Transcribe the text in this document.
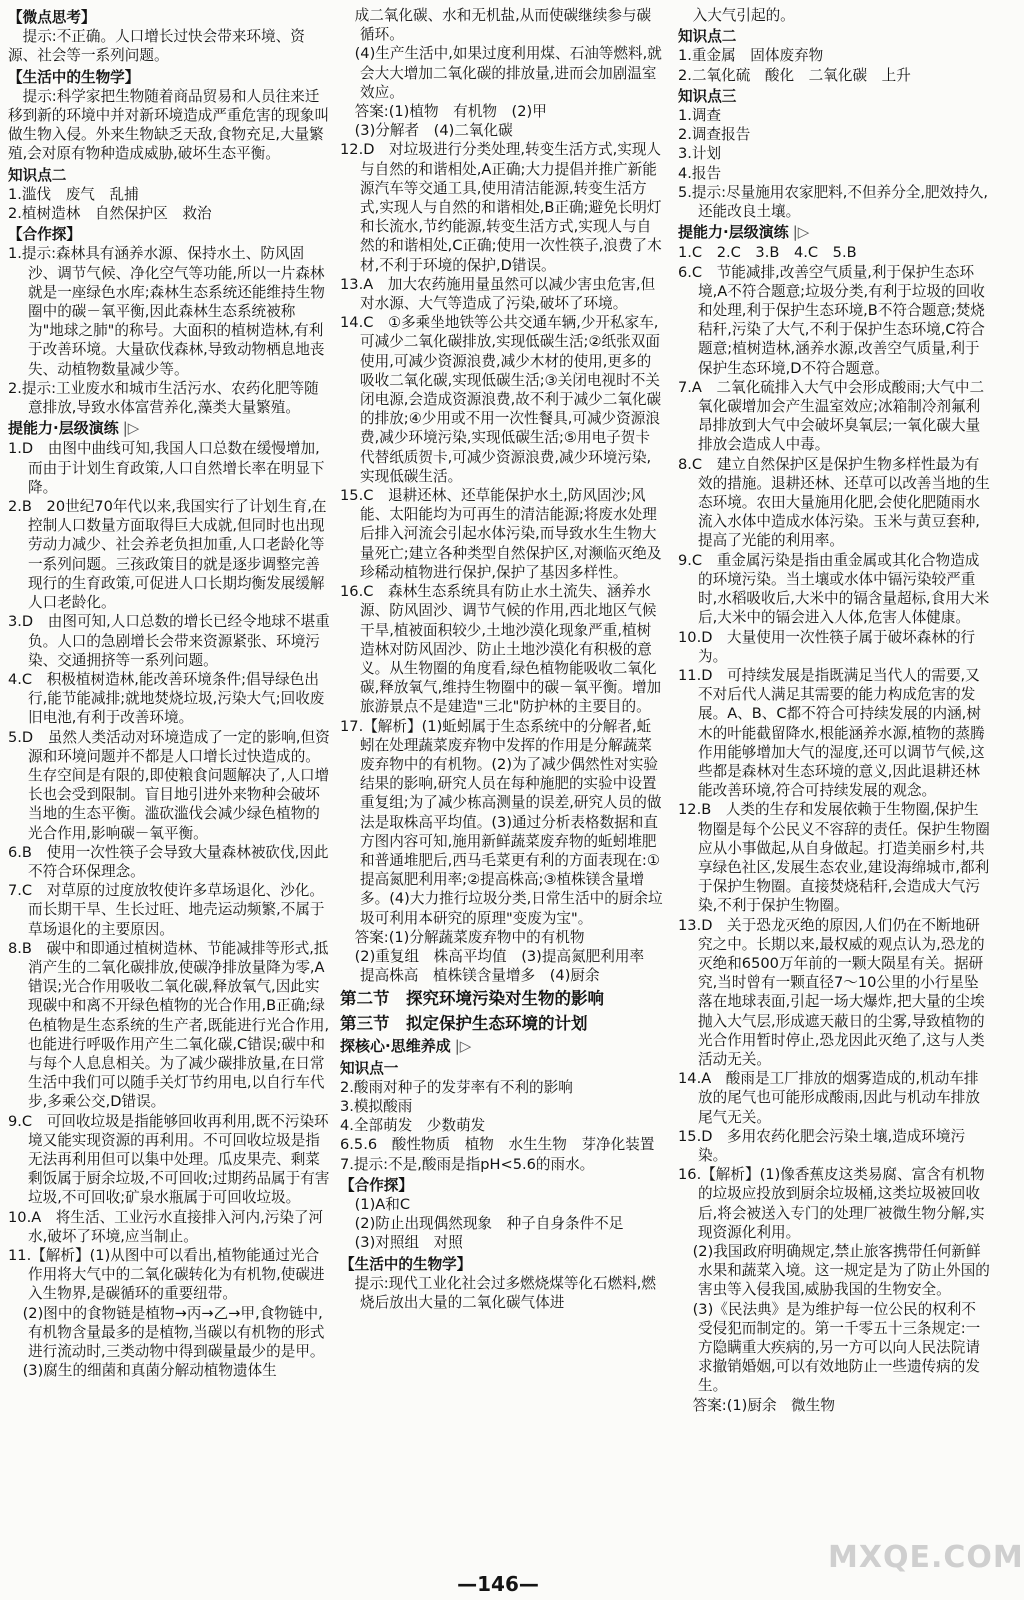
【微点思考】
　提示:不正确。人口增长过快会带来环境、资源、社会等一系列问题。
【生活中的生物学】
　提示:科学家把生物随着商品贸易和人员往来迁移到新的环境中并对新环境造成严重危害的现象叫做生物入侵。外来生物缺乏天敌,食物充足,大量繁殖,会对原有物种造成威胁,破坏生态平衡。
知识点二
1.滥伐　废气　乱捕
2.植树造林　自然保护区　救治
【合作探】
1.提示:森林具有涵养水源、保持水土、防风固沙、调节气候、净化空气等功能,所以一片森林就是一座绿色水库;森林生态系统还能维持生物圈中的碳－氧平衡,因此森林生态系统被称为"地球之肺"的称号。大面积的植树造林,有利于改善环境。大量砍伐森林,导致动物栖息地丧失、动植物数量减少等。
2.提示:工业废水和城市生活污水、农药化肥等随意排放,导致水体富营养化,藻类大量繁殖。
提能力·层级演练 |▷
1.D　由图中曲线可知,我国人口总数在缓慢增加,而由于计划生育政策,人口自然增长率在明显下降。
2.B　20世纪70年代以来,我国实行了计划生育,在控制人口数量方面取得巨大成就,但同时也出现劳动力减少、社会养老负担加重,人口老龄化等一系列问题。三孩政策目的就是逐步调整完善现行的生育政策,可促进人口长期均衡发展缓解人口老龄化。
3.D　由图可知,人口总数的增长已经令地球不堪重负。人口的急剧增长会带来资源紧张、环境污染、交通拥挤等一系列问题。
4.C　积极植树造林,能改善环境条件;倡导绿色出行,能节能减排;就地焚烧垃圾,污染大气;回收废旧电池,有利于改善环境。
5.D　虽然人类活动对环境造成了一定的影响,但资源和环境问题并不都是人口增长过快造成的。生存空间是有限的,即使粮食问题解决了,人口增长也会受到限制。盲目地引进外来物种会破坏当地的生态平衡。滥砍滥伐会减少绿色植物的光合作用,影响碳－氧平衡。
6.B　使用一次性筷子会导致大量森林被砍伐,因此不符合环保理念。
7.C　对草原的过度放牧使许多草场退化、沙化。而长期干旱、生长过旺、地壳运动频繁,不属于草场退化的主要原因。
8.B　碳中和即通过植树造林、节能减排等形式,抵消产生的二氧化碳排放,使碳净排放量降为零,A错误;光合作用吸收二氧化碳,释放氧气,因此实现碳中和离不开绿色植物的光合作用,B正确;绿色植物是生态系统的生产者,既能进行光合作用,也能进行呼吸作用产生二氧化碳,C错误;碳中和与每个人息息相关。为了减少碳排放量,在日常生活中我们可以随手关灯节约用电,以自行车代步,多乘公交,D错误。
9.C　可回收垃圾是指能够回收再利用,既不污染环境又能实现资源的再利用。不可回收垃圾是指无法再利用但可以集中处理。瓜皮果壳、剩菜剩饭属于厨余垃圾,不可回收;过期药品属于有害垃圾,不可回收;矿泉水瓶属于可回收垃圾。
10.A　将生活、工业污水直接排入河内,污染了河水,破坏了环境,应当制止。
11.【解析】(1)从图中可以看出,植物能通过光合作用将大气中的二氧化碳转化为有机物,使碳进入生物界,是碳循环的重要纽带。
　(2)图中的食物链是植物→丙→乙→甲,食物链中,有机物含量最多的是植物,当碳以有机物的形式进行流动时,三类动物中得到碳量最少的是甲。
　(3)腐生的细菌和真菌分解动植物遗体生
　成二氧化碳、水和无机盐,从而使碳继续参与碳循环。
　(4)生产生活中,如果过度利用煤、石油等燃料,就会大大增加二氧化碳的排放量,进而会加剧温室效应。
　答案:(1)植物　有机物　(2)甲
　(3)分解者　(4)二氧化碳
12.D　对垃圾进行分类处理,转变生活方式,实现人与自然的和谐相处,A正确;大力提倡并推广新能源汽车等交通工具,使用清洁能源,转变生活方式,实现人与自然的和谐相处,B正确;避免长明灯和长流水,节约能源,转变生活方式,实现人与自然的和谐相处,C正确;使用一次性筷子,浪费了木材,不利于环境的保护,D错误。
13.A　加大农药施用量虽然可以减少害虫危害,但对水源、大气等造成了污染,破坏了环境。
14.C　①多乘坐地铁等公共交通车辆,少开私家车,可减少二氧化碳排放,实现低碳生活;②纸张双面使用,可减少资源浪费,减少木材的使用,更多的吸收二氧化碳,实现低碳生活;③关闭电视时不关闭电源,会造成资源浪费,故不利于减少二氧化碳的排放;④少用或不用一次性餐具,可减少资源浪费,减少环境污染,实现低碳生活;⑤用电子贺卡代替纸质贺卡,可减少资源浪费,减少环境污染,实现低碳生活。
15.C　退耕还林、还草能保护水土,防风固沙;风能、太阳能均为可再生的清洁能源;将废水处理后排入河流会引起水体污染,而导致水生生物大量死亡;建立各种类型自然保护区,对濒临灭绝及珍稀动植物进行保护,保护了基因多样性。
16.C　森林生态系统具有防止水土流失、涵养水源、防风固沙、调节气候的作用,西北地区气候干旱,植被面积较少,土地沙漠化现象严重,植树造林对防风固沙、防止土地沙漠化有积极的意义。从生物圈的角度看,绿色植物能吸收二氧化碳,释放氧气,维持生物圈中的碳－氧平衡。增加旅游景点不是建造"三北"防护林的主要目的。
17.【解析】(1)蚯蚓属于生态系统中的分解者,蚯蚓在处理蔬菜废弃物中发挥的作用是分解蔬菜废弃物中的有机物。(2)为了减少偶然性对实验结果的影响,研究人员在每种施肥的实验中设置重复组;为了减少栋高测量的误差,研究人员的做法是取株高平均值。(3)通过分析表格数据和直方图内容可知,施用新鲜蔬菜废弃物的蚯蚓堆肥和普通堆肥后,西马毛菜更有利的方面表现在:①提高氮肥利用率;②提高株高;③植株镁含量增多。(4)大力推行垃圾分类,日常生活中的厨余垃圾可利用本研究的原理"变废为宝"。
　答案:(1)分解蔬菜废弃物中的有机物
　(2)重复组　株高平均值　(3)提高氮肥利用率　提高株高　植株镁含量增多　(4)厨余
第二节　探究环境污染对生物的影响
第三节　拟定保护生态环境的计划
探核心·思维养成 |▷
知识点一
2.酸雨对种子的发芽率有不利的影响
3.模拟酸雨
4.全部萌发　少数萌发
6.5.6　酸性物质　植物　水生生物　芽净化装置
7.提示:不是,酸雨是指pH<5.6的雨水。
【合作探】
　(1)A和C
　(2)防止出现偶然现象　种子自身条件不足
　(3)对照组　对照
【生活中的生物学】
　提示:现代工业化社会过多燃烧煤等化石燃料,燃烧后放出大量的二氧化碳气体进
　入大气引起的。
知识点二
1.重金属　固体废弃物
2.二氧化硫　酸化　二氧化碳　上升
知识点三
1.调查
2.调查报告
3.计划
4.报告
5.提示:尽量施用农家肥料,不但养分全,肥效持久,还能改良土壤。
提能力·层级演练 |▷
1.C　2.C　3.B　4.C　5.B
6.C　节能减排,改善空气质量,利于保护生态环境,A不符合题意;垃圾分类,有利于垃圾的回收和处理,利于保护生态环境,B不符合题意;焚烧秸秆,污染了大气,不利于保护生态环境,C符合题意;植树造林,涵养水源,改善空气质量,利于保护生态环境,D不符合题意。
7.A　二氧化硫排入大气中会形成酸雨;大气中二氧化碳增加会产生温室效应;冰箱制冷剂氟利昂排放到大气中会破坏臭氧层;一氧化碳大量排放会造成人中毒。
8.C　建立自然保护区是保护生物多样性最为有效的措施。退耕还林、还草可以改善当地的生态环境。农田大量施用化肥,会使化肥随雨水流入水体中造成水体污染。玉米与黄豆套种,提高了光能的利用率。
9.C　重金属污染是指由重金属或其化合物造成的环境污染。当土壤或水体中镉污染较严重时,水稻吸收后,大米中的镉含量超标,食用大米后,大米中的镉会进入人体,危害人体健康。
10.D　大量使用一次性筷子属于破坏森林的行为。
11.D　可持续发展是指既满足当代人的需要,又不对后代人满足其需要的能力构成危害的发展。A、B、C都不符合可持续发展的内涵,树木的叶能截留降水,根能涵养水源,植物的蒸腾作用能够增加大气的湿度,还可以调节气候,这些都是森林对生态环境的意义,因此退耕还林能改善环境,符合可持续发展的观念。
12.B　人类的生存和发展依赖于生物圈,保护生物圈是每个公民义不容辞的责任。保护生物圈应从小事做起,从自身做起。打造美丽乡村,共享绿色社区,发展生态农业,建设海绵城市,都利于保护生物圈。直接焚烧秸秆,会造成大气污染,不利于保护生物圈。
13.D　关于恐龙灭绝的原因,人们仍在不断地研究之中。长期以来,最权威的观点认为,恐龙的灭绝和6500万年前的一颗大陨星有关。据研究,当时曾有一颗直径7～10公里的小行星坠落在地球表面,引起一场大爆炸,把大量的尘埃抛入大气层,形成遮天蔽日的尘雾,导致植物的光合作用暂时停止,恐龙因此灭绝了,这与人类活动无关。
14.A　酸雨是工厂排放的烟雾造成的,机动车排放的尾气也可能形成酸雨,因此与机动车排放尾气无关。
15.D　多用农药化肥会污染土壤,造成环境污染。
16.【解析】(1)像香蕉皮这类易腐、富含有机物的垃圾应投放到厨余垃圾桶,这类垃圾被回收后,将会被送入专门的处理厂被微生物分解,实现资源化利用。
　(2)我国政府明确规定,禁止旅客携带任何新鲜水果和蔬菜入境。这一规定是为了防止外国的害虫等入侵我国,威胁我国的生物安全。
　(3)《民法典》是为维护每一位公民的权利不受侵犯而制定的。第一千零五十三条规定:一方隐瞒重大疾病的,另一方可以向人民法院请求撤销婚姻,可以有效地防止一些遗传病的发生。
　答案:(1)厨余　微生物
—146—
MXQE.COM
